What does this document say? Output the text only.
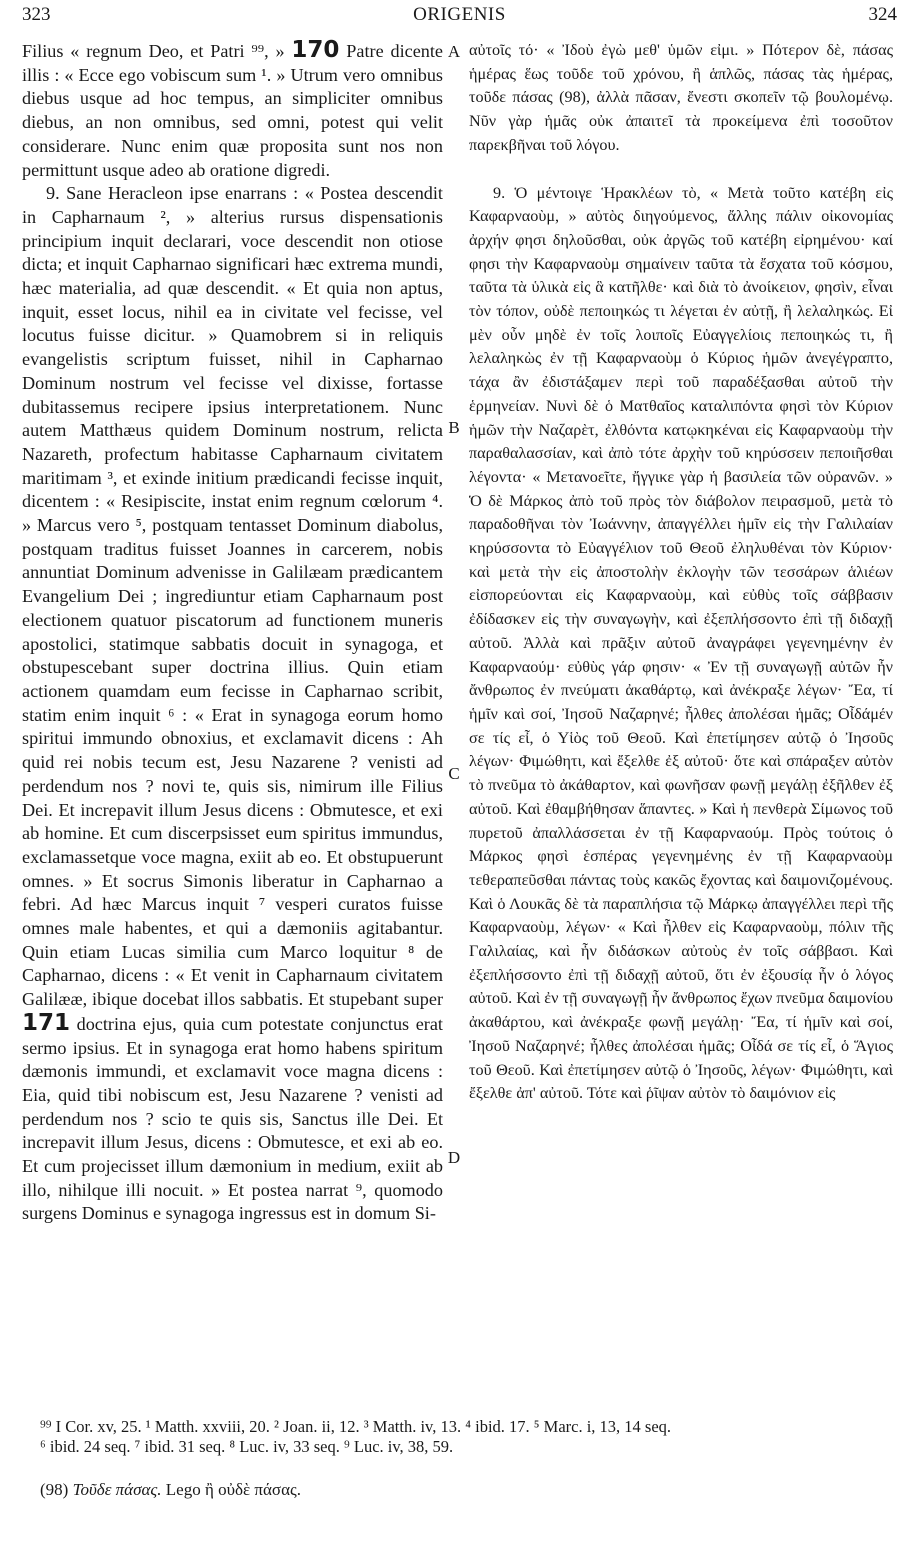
323	ORIGENIS	324

Filius « regnum Deo, et Patri ⁹⁹, » 170 Patre dicente illis : « Ecce ego vobiscum sum ¹. » Utrum vero omnibus diebus usque ad hoc tempus, an simpliciter omnibus diebus, an non omnibus, sed omni, potest qui velit considerare. Nunc enim quæ proposita sunt nos non permittunt usque adeo ab oratione digredi.

9. Sane Heracleon ipse enarrans : « Postea descendit in Capharnaum ², » alterius rursus dispensationis principium inquit declarari, voce descendit non otiose dicta; et inquit Capharnao significari hæc extrema mundi, hæc materialia, ad quæ descendit. « Et quia non aptus, inquit, esset locus, nihil ea in civitate vel fecisse, vel locutus fuisse dicitur. » Quamobrem si in reliquis evangelistis scriptum fuisset, nihil in Capharnao Dominum nostrum vel fecisse vel dixisse, fortasse dubitassemus recipere ipsius interpretationem. Nunc autem Matthæus quidem Dominum nostrum, relicta Nazareth, profectum habitasse Capharnaum civitatem maritimam ³, et exinde initium prædicandi fecisse inquit, dicentem : « Resipiscite, instat enim regnum cœlorum ⁴. » Marcus vero ⁵, postquam tentasset Dominum diabolus, postquam traditus fuisset Joannes in carcerem, nobis annuntiat Dominum advenisse in Galilæam prædicantem Evangelium Dei ; ingrediuntur etiam Capharnaum post electionem quatuor piscatorum ad functionem muneris apostolici, statimque sabbatis docuit in synagoga, et obstupescebant super doctrina illius. Quin etiam actionem quamdam eum fecisse in Capharnao scribit, statim enim inquit ⁶ : « Erat in synagoga eorum homo spiritui immundo obnoxius, et exclamavit dicens : Ah quid rei nobis tecum est, Jesu Nazarene ? venisti ad perdendum nos ? novi te, quis sis, nimirum ille Filius Dei. Et increpavit illum Jesus dicens : Obmutesce, et exi ab homine. Et cum discerpsisset eum spiritus immundus, exclamassetque voce magna, exiit ab eo. Et obstupuerunt omnes. » Et socrus Simonis liberatur in Capharnao a febri. Ad hæc Marcus inquit ⁷ vesperi curatos fuisse omnes male habentes, et qui a dæmoniis agitabantur. Quin etiam Lucas similia cum Marco loquitur ⁸ de Capharnao, dicens : « Et venit in Capharnaum civitatem Galilææ, ibique docebat illos sabbatis. Et stupebant super 171 doctrina ejus, quia cum potestate conjunctus erat sermo ipsius. Et in synagoga erat homo habens spiritum dæmonis immundi, et exclamavit voce magna dicens : Eia, quid tibi nobiscum est, Jesu Nazarene ? venisti ad perdendum nos ? scio te quis sis, Sanctus ille Dei. Et increpavit illum Jesus, dicens : Obmutesce, et exi ab eo. Et cum projecisset illum dæmonium in medium, exiit ab illo, nihilque illi nocuit. » Et postea narrat ⁹, quomodo surgens Dominus e synagoga ingressus est in domum Si-

A
B
C
D

αὐτοῖς τό· « Ἰδοὺ ἐγὼ μεθ' ὑμῶν εἰμι. » Πότερον δὲ, πάσας ἡμέρας ἕως τοῦδε τοῦ χρόνου, ἢ ἁπλῶς, πάσας τὰς ἡμέρας, τοῦδε πάσας (98), ἀλλὰ πᾶσαν, ἔνεστι σκοπεῖν τῷ βουλομένῳ. Νῦν γὰρ ἡμᾶς οὐκ ἀπαιτεῖ τὰ προκείμενα ἐπὶ τοσοῦτον παρεκβῆναι τοῦ λόγου.

9. Ὁ μέντοιγε Ἡρακλέων τὸ, « Μετὰ τοῦτο κατέβη εἰς Καφαρναοὺμ, » αὐτὸς διηγούμενος, ἄλλης πάλιν οἰκονομίας ἀρχήν φησι δηλοῦσθαι, οὐκ ἀργῶς τοῦ κατέβη εἰρημένου· καί φησι τὴν Καφαρναοὺμ σημαίνειν ταῦτα τὰ ἔσχατα τοῦ κόσμου, ταῦτα τὰ ὑλικὰ εἰς ἃ κατῆλθε· καὶ διὰ τὸ ἀνοίκειον, φησὶν, εἶναι τὸν τόπον, οὐδὲ πεποιηκώς τι λέγεται ἐν αὐτῇ, ἢ λελαληκώς. Εἰ μὲν οὖν μηδὲ ἐν τοῖς λοιποῖς Εὐαγγελίοις πεποιηκώς τι, ἢ λελαληκὼς ἐν τῇ Καφαρναοὺμ ὁ Κύριος ἡμῶν ἀνεγέγραπτο, τάχα ἂν ἐδιστάξαμεν περὶ τοῦ παραδέξασθαι αὐτοῦ τὴν ἑρμηνείαν. Νυνὶ δὲ ὁ Ματθαῖος καταλιπόντα φησὶ τὸν Κύριον ἡμῶν τὴν Ναζαρὲτ, ἐλθόντα κατῳκηκέναι εἰς Καφαρναοὺμ τὴν παραθαλασσίαν, καὶ ἀπὸ τότε ἀρχὴν τοῦ κηρύσσειν πεποιῆσθαι λέγοντα· « Μετανοεῖτε, ἤγγικε γὰρ ἡ βασιλεία τῶν οὐρανῶν. » Ὁ δὲ Μάρκος ἀπὸ τοῦ πρὸς τὸν διάβολον πειρασμοῦ, μετὰ τὸ παραδοθῆναι τὸν Ἰωάννην, ἀπαγγέλλει ἡμῖν εἰς τὴν Γαλιλαίαν κηρύσσοντα τὸ Εὐαγγέλιον τοῦ Θεοῦ ἐληλυθέναι τὸν Κύριον· καὶ μετὰ τὴν εἰς ἀποστολὴν ἐκλογὴν τῶν τεσσάρων ἁλιέων εἰσπορεύονται εἰς Καφαρναοὺμ, καὶ εὐθὺς τοῖς σάββασιν ἐδίδασκεν εἰς τὴν συναγωγὴν, καὶ ἐξεπλήσσοντο ἐπὶ τῇ διδαχῇ αὐτοῦ. Ἀλλὰ καὶ πρᾶξιν αὐτοῦ ἀναγράφει γεγενημένην ἐν Καφαρναούμ· εὐθὺς γάρ φησιν· « Ἐν τῇ συναγωγῇ αὐτῶν ἦν ἄνθρωπος ἐν πνεύματι ἀκαθάρτῳ, καὶ ἀνέκραξε λέγων· Ἔα, τί ἡμῖν καὶ σοί, Ἰησοῦ Ναζαρηνέ; ἦλθες ἀπολέσαι ἡμᾶς; Οἶδάμέν σε τίς εἶ, ὁ Υἱὸς τοῦ Θεοῦ. Καὶ ἐπετίμησεν αὐτῷ ὁ Ἰησοῦς λέγων· Φιμώθητι, καὶ ἔξελθε ἐξ αὐτοῦ· ὅτε καὶ σπάραξεν αὐτὸν τὸ πνεῦμα τὸ ἀκάθαρτον, καὶ φωνῆσαν φωνῇ μεγάλῃ ἐξῆλθεν ἐξ αὐτοῦ. Καὶ ἐθαμβήθησαν ἅπαντες. » Καὶ ἡ πενθερὰ Σίμωνος τοῦ πυρετοῦ ἀπαλλάσσεται ἐν τῇ Καφαρναούμ. Πρὸς τούτοις ὁ Μάρκος φησὶ ἑσπέρας γεγενημένης ἐν τῇ Καφαρναοὺμ τεθεραπεῦσθαι πάντας τοὺς κακῶς ἔχοντας καὶ δαιμονιζομένους. Καὶ ὁ Λουκᾶς δὲ τὰ παραπλήσια τῷ Μάρκῳ ἀπαγγέλλει περὶ τῆς Καφαρναοὺμ, λέγων· « Καὶ ἦλθεν εἰς Καφαρναοὺμ, πόλιν τῆς Γαλιλαίας, καὶ ἦν διδάσκων αὐτοὺς ἐν τοῖς σάββασι. Καὶ ἐξεπλήσσοντο ἐπὶ τῇ διδαχῇ αὐτοῦ, ὅτι ἐν ἐξουσίᾳ ἦν ὁ λόγος αὐτοῦ. Καὶ ἐν τῇ συναγωγῇ ἦν ἄνθρωπος ἔχων πνεῦμα δαιμονίου ἀκαθάρτου, καὶ ἀνέκραξε φωνῇ μεγάλῃ· Ἔα, τί ἡμῖν καὶ σοί, Ἰησοῦ Ναζαρηνέ; ἦλθες ἀπολέσαι ἡμᾶς; Οἶδά σε τίς εἶ, ὁ Ἅγιος τοῦ Θεοῦ. Καὶ ἐπετίμησεν αὐτῷ ὁ Ἰησοῦς, λέγων· Φιμώθητι, καὶ ἔξελθε ἀπ' αὐτοῦ. Τότε καὶ ῥῖψαν αὐτὸν τὸ δαιμόνιον εἰς

⁹⁹ I Cor. xv, 25. ¹ Matth. xxviii, 20. ² Joan. ii, 12. ³ Matth. iv, 13. ⁴ ibid. 17. ⁵ Marc. i, 13, 14 seq.
⁶ ibid. 24 seq. ⁷ ibid. 31 seq. ⁸ Luc. iv, 33 seq. ⁹ Luc. iv, 38, 59.
(98) Τοῦδε πάσας. Lego ἢ οὐδὲ πάσας.
